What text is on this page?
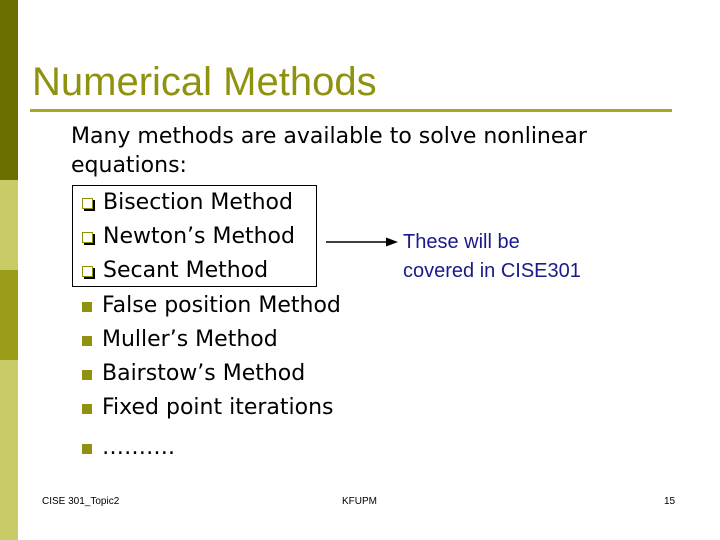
Numerical Methods
Many methods are available to solve nonlinear equations:
Bisection Method
Newton’s Method
Secant Method
False position Method
Muller’s Method
Bairstow’s Method
Fixed point iterations
……….
These will be
covered in CISE301
CISE 301_Topic2	KFUPM	15
